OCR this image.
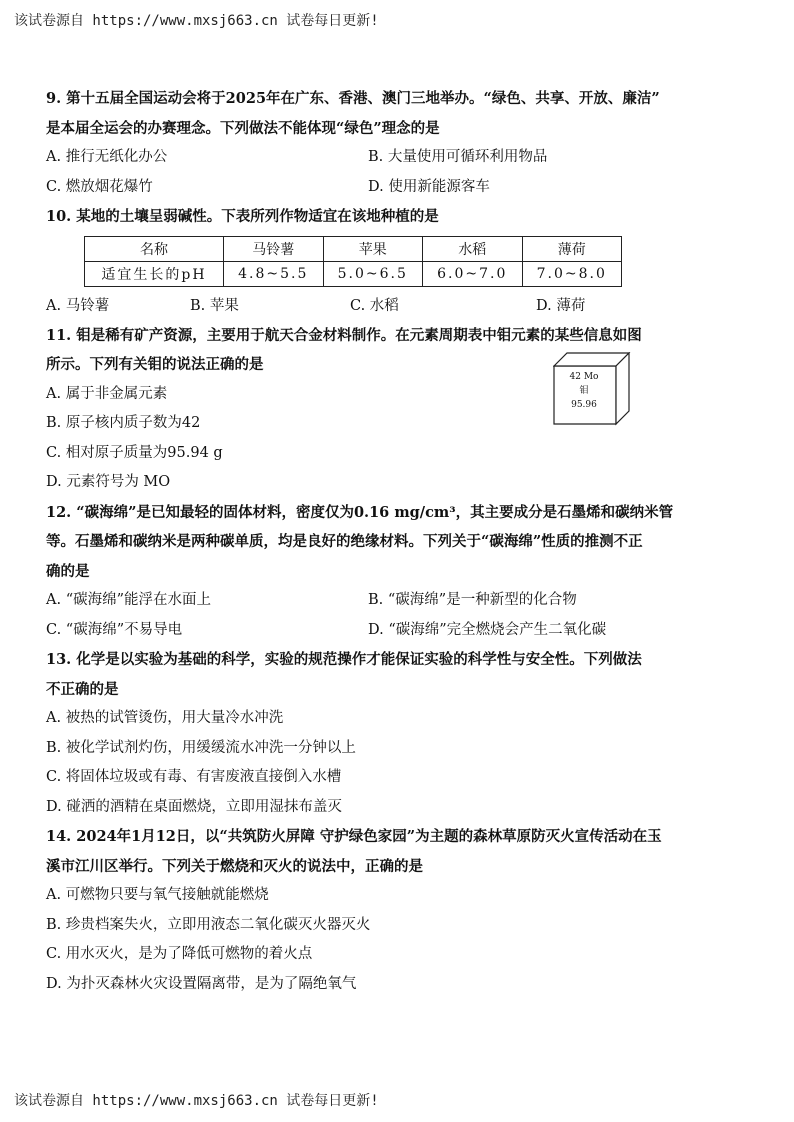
该试卷源自 https://www.mxsj663.cn 试卷每日更新!
9. 第十五届全国运动会将于2025年在广东、香港、澳门三地举办。“绿色、共享、开放、廉洁”
是本届全运会的办赛理念。下列做法不能体现“绿色”理念的是
A. 推行无纸化办公	B. 大量使用可循环利用物品
C. 燃放烟花爆竹	D. 使用新能源客车
10. 某地的土壤呈弱碱性。下表所列作物适宜在该地种植的是
名称	马铃薯	苹果	水稻	薄荷
适宜生长的pH	4.8~5.5	5.0~6.5	6.0~7.0	7.0~8.0
A. 马铃薯	B. 苹果	C. 水稻	D. 薄荷
11. 钼是稀有矿产资源，主要用于航天合金材料制作。在元素周期表中钼元素的某些信息如图
所示。下列有关钼的说法正确的是
A. 属于非金属元素
B. 原子核内质子数为42
C. 相对原子质量为95.94 g
D. 元素符号为 MO
12. “碳海绵”是已知最轻的固体材料，密度仅为0.16 mg/cm³，其主要成分是石墨烯和碳纳米管
等。石墨烯和碳纳米是两种碳单质，均是良好的绝缘材料。下列关于“碳海绵”性质的推测不正
确的是
A. “碳海绵”能浮在水面上	B. “碳海绵”是一种新型的化合物
C. “碳海绵”不易导电	D. “碳海绵”完全燃烧会产生二氧化碳
13. 化学是以实验为基础的科学，实验的规范操作才能保证实验的科学性与安全性。下列做法
不正确的是
A. 被热的试管烫伤，用大量冷水冲洗
B. 被化学试剂灼伤，用缓缓流水冲洗一分钟以上
C. 将固体垃圾或有毒、有害废液直接倒入水槽
D. 碰洒的酒精在桌面燃烧，立即用湿抹布盖灭
14. 2024年1月12日，以“共筑防火屏障 守护绿色家园”为主题的森林草原防灭火宣传活动在玉
溪市江川区举行。下列关于燃烧和灭火的说法中，正确的是
A. 可燃物只要与氧气接触就能燃烧
B. 珍贵档案失火，立即用液态二氧化碳灭火器灭火
C. 用水灭火，是为了降低可燃物的着火点
D. 为扑灭森林火灾设置隔离带，是为了隔绝氧气
42 Mo
钼
95.96
该试卷源自 https://www.mxsj663.cn 试卷每日更新!
